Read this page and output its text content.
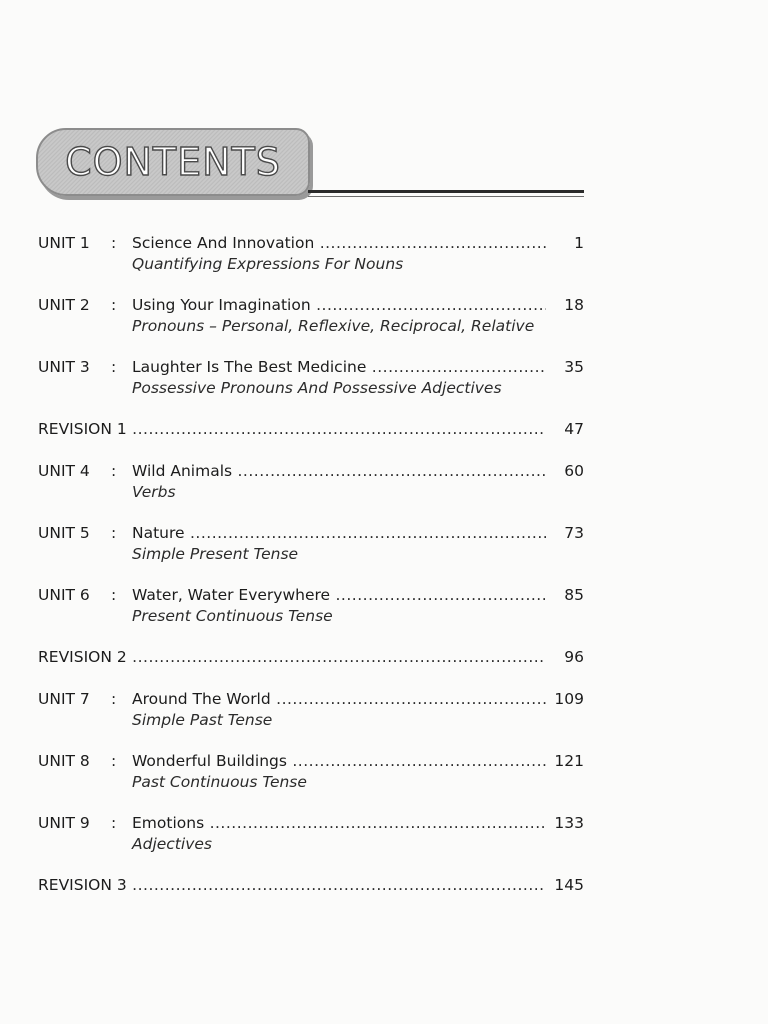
CONTENTS
UNIT 1	: Science And Innovation .....	1
Quantifying Expressions For Nouns
UNIT 2	: Using Your Imagination .....	18
Pronouns – Personal, Reflexive, Reciprocal, Relative
UNIT 3	: Laughter Is The Best Medicine .....	35
Possessive Pronouns And Possessive Adjectives
REVISION 1 .....	47
UNIT 4	: Wild Animals .....	60
Verbs
UNIT 5	: Nature .....	73
Simple Present Tense
UNIT 6	: Water, Water Everywhere .....	85
Present Continuous Tense
REVISION 2 .....	96
UNIT 7	: Around The World .....	109
Simple Past Tense
UNIT 8	: Wonderful Buildings .....	121
Past Continuous Tense
UNIT 9	: Emotions .....	133
Adjectives
REVISION 3 .....	145
